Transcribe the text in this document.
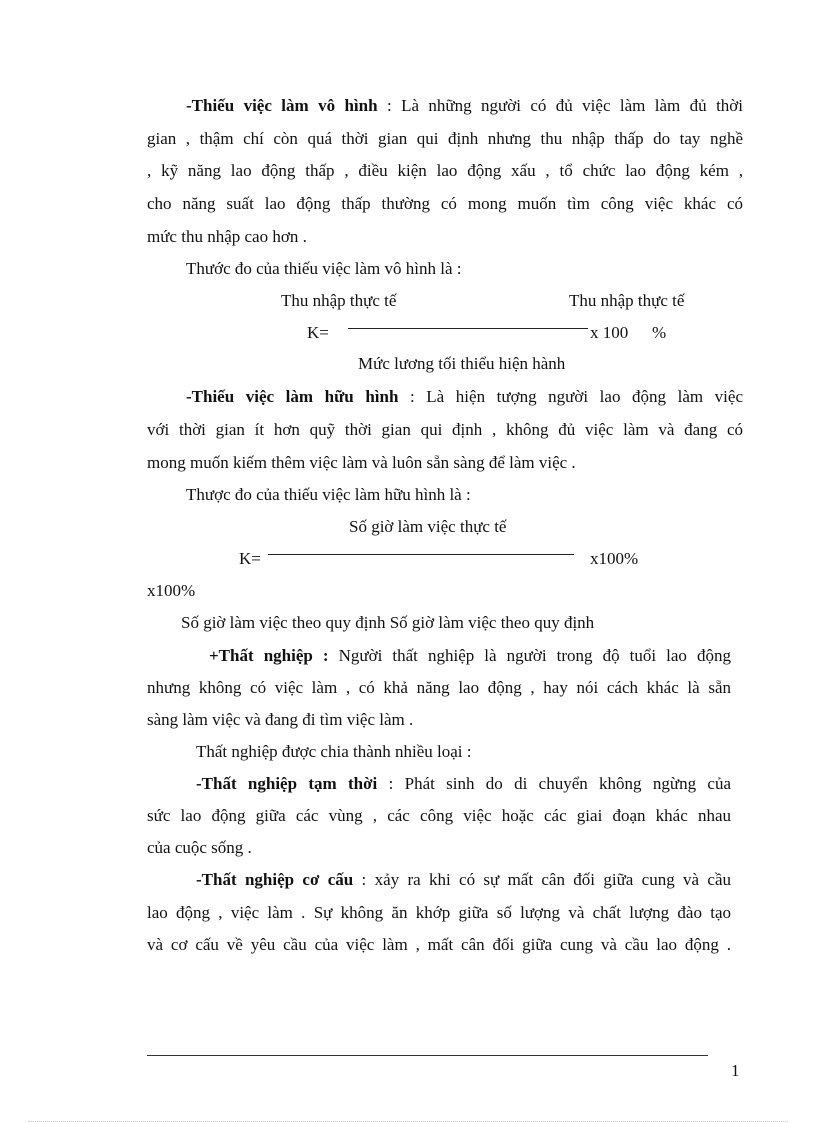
-Thiếu việc làm vô hình : Là những người có đủ việc làm làm đủ thời
gian , thậm chí còn quá thời gian qui định nhưng thu nhập thấp do tay nghề
, kỹ năng lao động thấp , điều kiện lao động xấu , tổ chức lao động kém ,
cho năng suất lao động thấp thường có mong muốn tìm công việc khác có
mức thu nhập cao hơn .
Thước đo của thiếu việc làm vô hình là :
Thu nhập thực tế	Thu nhập thực tế
K=	x 100 %
Mức lương tối thiểu hiện hành
-Thiếu việc làm hữu hình : Là hiện tượng người lao động làm việc
với thời gian ít hơn quỹ thời gian qui định , không đủ việc làm và đang có
mong muốn kiếm thêm việc làm và luôn sẵn sàng để làm việc .
Thược đo của thiếu việc làm hữu hình là :
Số giờ làm việc thực tế
K=	x100%
x100%
Số giờ làm việc theo quy định Số giờ làm việc theo quy định
+Thất nghiệp : Người thất nghiệp là người trong độ tuổi lao động
nhưng không có việc làm , có khả năng lao động , hay nói cách khác là sẵn
sàng làm việc và đang đi tìm việc làm .
Thất nghiệp được chia thành nhiều loại :
-Thất nghiệp tạm thời : Phát sinh do di chuyển không ngừng của
sức lao động giữa các vùng , các công việc hoặc các giai đoạn khác nhau
của cuộc sống .
-Thất nghiệp cơ cấu : xảy ra khi có sự mất cân đối giữa cung và cầu
lao động , việc làm . Sự không ăn khớp giữa số lượng và chất lượng đào tạo
và cơ cấu về yêu cầu của việc làm , mất cân đối giữa cung và cầu lao động .
1
